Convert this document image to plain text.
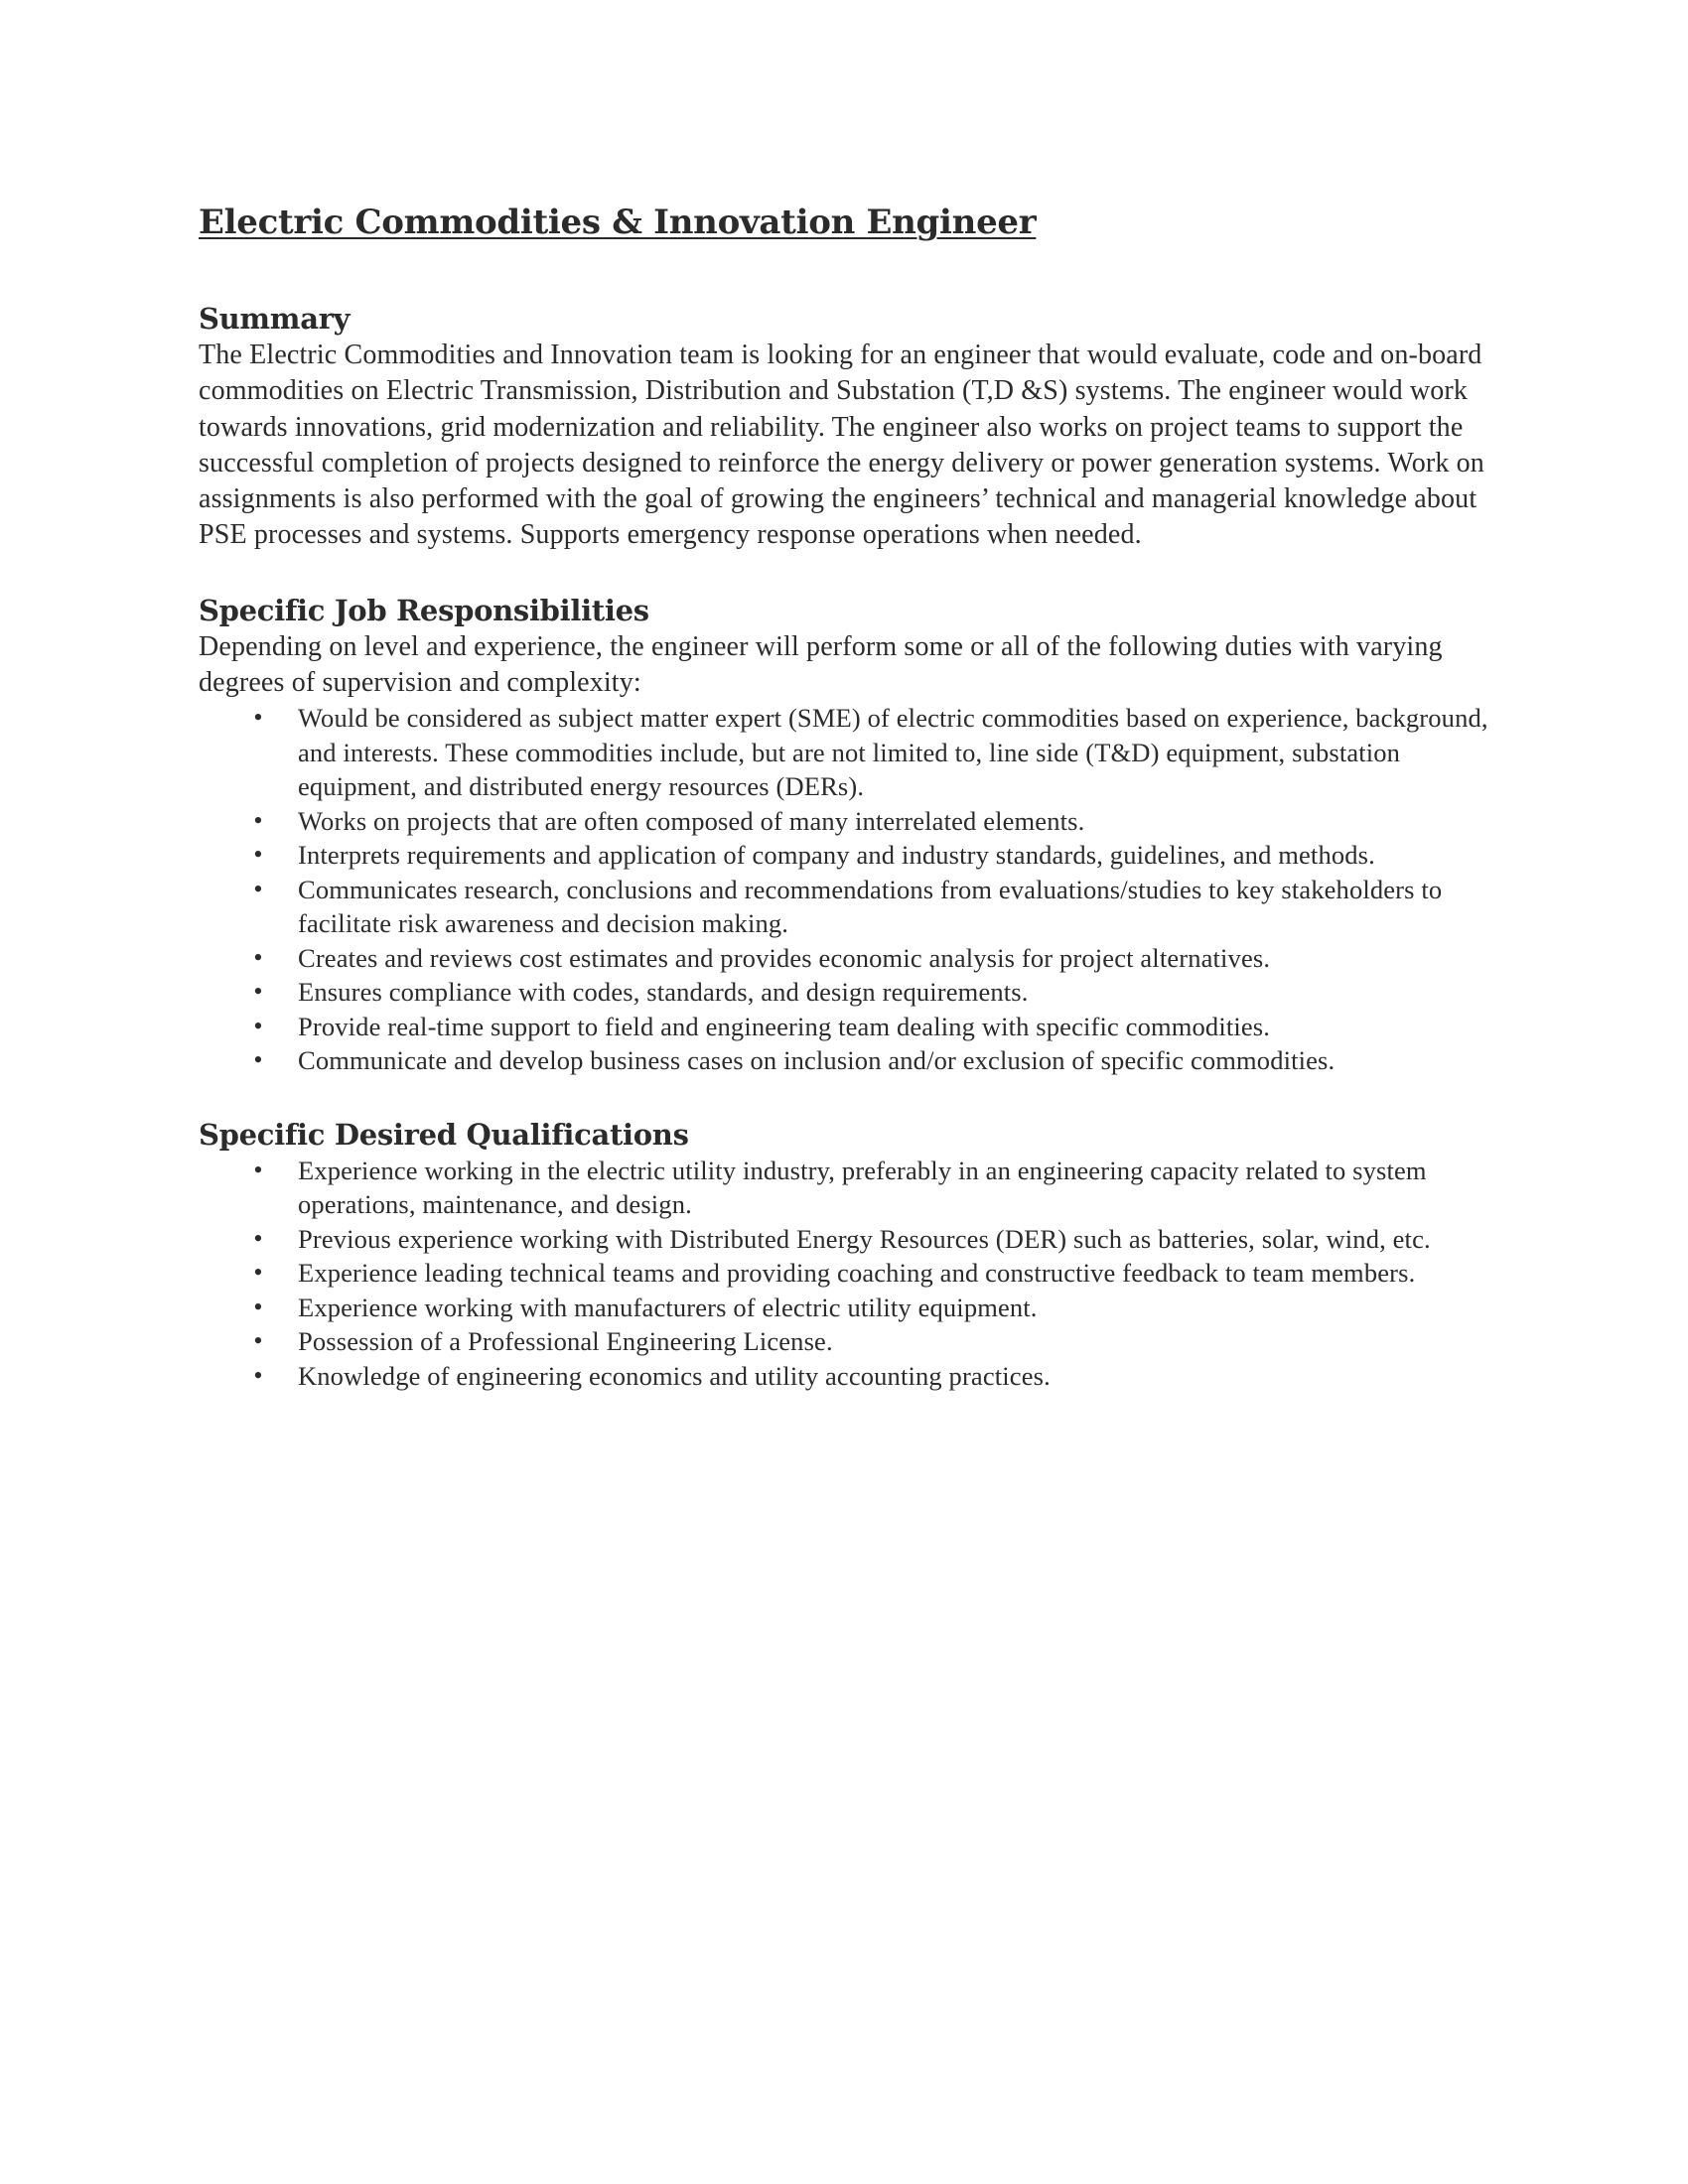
Electric Commodities & Innovation Engineer
Summary

The Electric Commodities and Innovation team is looking for an engineer that would evaluate, code and on-board commodities on Electric Transmission, Distribution and Substation (T,D &S) systems. The engineer would work towards innovations, grid modernization and reliability. The engineer also works on project teams to support the successful completion of projects designed to reinforce the energy delivery or power generation systems. Work on assignments is also performed with the goal of growing the engineers’ technical and managerial knowledge about PSE processes and systems. Supports emergency response operations when needed.

Specific Job Responsibilities

Depending on level and experience, the engineer will perform some or all of the following duties with varying degrees of supervision and complexity:

• Would be considered as subject matter expert (SME) of electric commodities based on experience, background, and interests. These commodities include, but are not limited to, line side (T&D) equipment, substation equipment, and distributed energy resources (DERs).
• Works on projects that are often composed of many interrelated elements.
• Interprets requirements and application of company and industry standards, guidelines, and methods.
• Communicates research, conclusions and recommendations from evaluations/studies to key stakeholders to facilitate risk awareness and decision making.
• Creates and reviews cost estimates and provides economic analysis for project alternatives.
• Ensures compliance with codes, standards, and design requirements.
• Provide real-time support to field and engineering team dealing with specific commodities.
• Communicate and develop business cases on inclusion and/or exclusion of specific commodities.
Specific Desired Qualifications
• Experience working in the electric utility industry, preferably in an engineering capacity related to system operations, maintenance, and design.
• Previous experience working with Distributed Energy Resources (DER) such as batteries, solar, wind, etc.
• Experience leading technical teams and providing coaching and constructive feedback to team members.
• Experience working with manufacturers of electric utility equipment.
• Possession of a Professional Engineering License.
• Knowledge of engineering economics and utility accounting practices.
